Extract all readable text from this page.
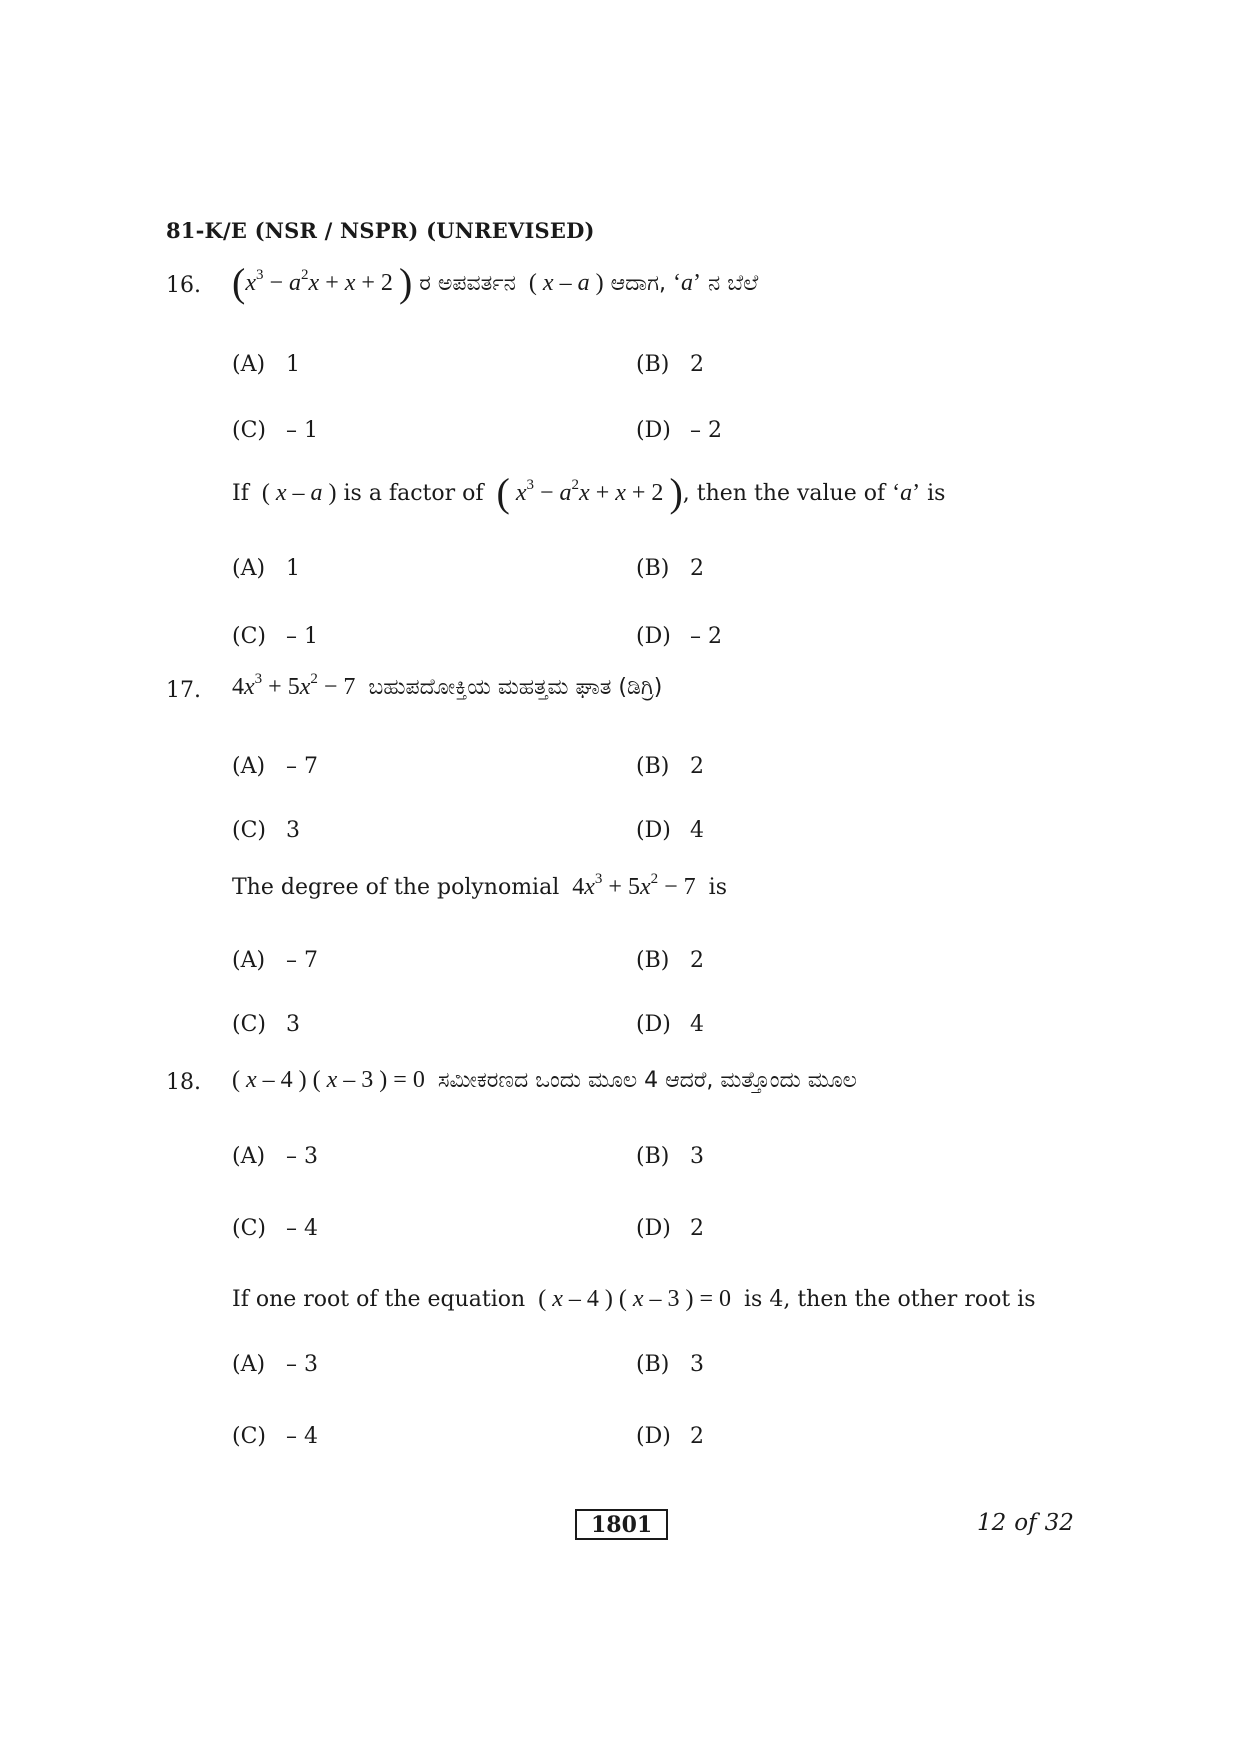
81-K/E (NSR / NSPR) (UNREVISED)
16. ($x^3 - a^2x + x + 2$ ) ರ ಅಪವರ್ತನ  ( x – a ) ಆದಾಗ, ‘a’ ನ ಬೆಲೆ
(A) 1	(B) 2
(C) – 1	(D) – 2
If  ( x – a ) is a factor of ( $x^3 - a^2x + x + 2$ ), then the value of ‘a’ is
(A) 1	(B) 2
(C) – 1	(D) – 2
17. $4x^3 + 5x^2 - 7$  ಬಹುಪದೋಕ್ತಿಯ ಮಹತ್ತಮ ಘಾತ (ಡಿಗ್ರಿ)
(A) – 7	(B) 2
(C) 3	(D) 4
The degree of the polynomial  $4x^3 + 5x^2 - 7$  is
(A) – 7	(B) 2
(C) 3	(D) 4
18. ( x – 4 ) ( x – 3 ) = 0  ಸಮೀಕರಣದ ಒಂದು ಮೂಲ 4 ಆದರೆ, ಮತ್ತೊಂದು ಮೂಲ
(A) – 3	(B) 3
(C) – 4	(D) 2
If one root of the equation  ( x – 4 ) ( x – 3 ) = 0  is 4, then the other root is
(A) – 3	(B) 3
(C) – 4	(D) 2
1801	12 of 32
